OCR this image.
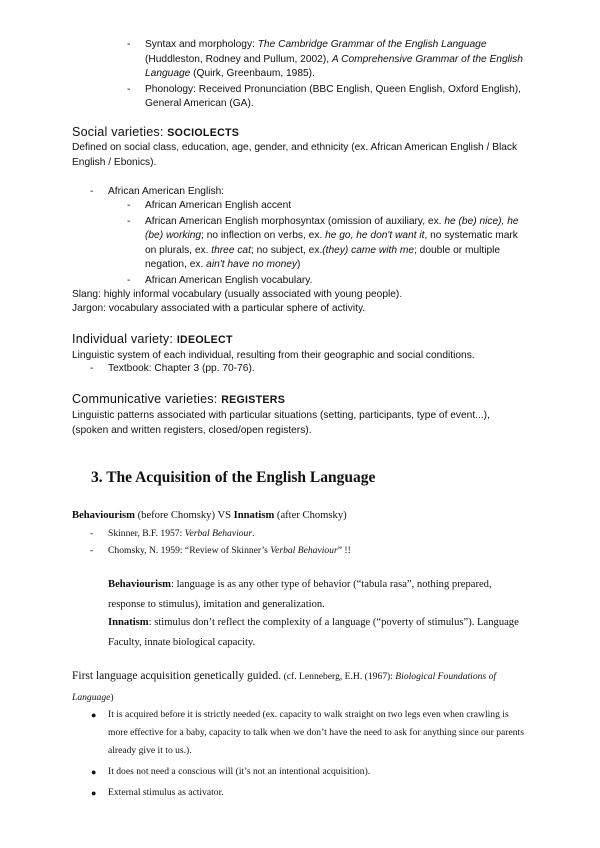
- Syntax and morphology: The Cambridge Grammar of the English Language (Huddleston, Rodney and Pullum, 2002), A Comprehensive Grammar of the English Language (Quirk, Greenbaum, 1985).
- Phonology: Received Pronunciation (BBC English, Queen English, Oxford English), General American (GA).
Social varieties: SOCIOLECTS
Defined on social class, education, age, gender, and ethnicity (ex. African American English / Black English / Ebonics).
- African American English:
- African American English accent
- African American English morphosyntax (omission of auxiliary, ex. he (be) nice), he (be) working; no inflection on verbs, ex. he go, he don't want it, no systematic mark on plurals, ex. three cat; no subject, ex.(they) came with me; double or multiple negation, ex. ain't have no money)
- African American English vocabulary.
Slang: highly informal vocabulary (usually associated with young people).
Jargon: vocabulary associated with a particular sphere of activity.
Individual variety: IDEOLECT
Linguistic system of each individual, resulting from their geographic and social conditions.
- Textbook: Chapter 3 (pp. 70-76).
Communicative varieties: REGISTERS
Linguistic patterns associated with particular situations (setting, participants, type of event...), (spoken and written registers, closed/open registers).
3. The Acquisition of the English Language
Behaviourism (before Chomsky) VS Innatism (after Chomsky)
- Skinner, B.F. 1957: Verbal Behaviour.
- Chomsky, N. 1959: “Review of Skinner’s Verbal Behaviour” !!
Behaviourism: language is as any other type of behavior (“tabula rasa”, nothing prepared, response to stimulus), imitation and generalization.
Innatism: stimulus don’t reflect the complexity of a language (“poverty of stimulus”). Language Faculty, innate biological capacity.
First language acquisition genetically guided. (cf. Lenneberg, E.H. (1967): Biological Foundations of Language)
● It is acquired before it is strictly needed (ex. capacity to walk straight on two legs even when crawling is more effective for a baby, capacity to talk when we don’t have the need to ask for anything since our parents already give it to us.).
● It does not need a conscious will (it’s not an intentional acquisition).
● External stimulus as activator.
